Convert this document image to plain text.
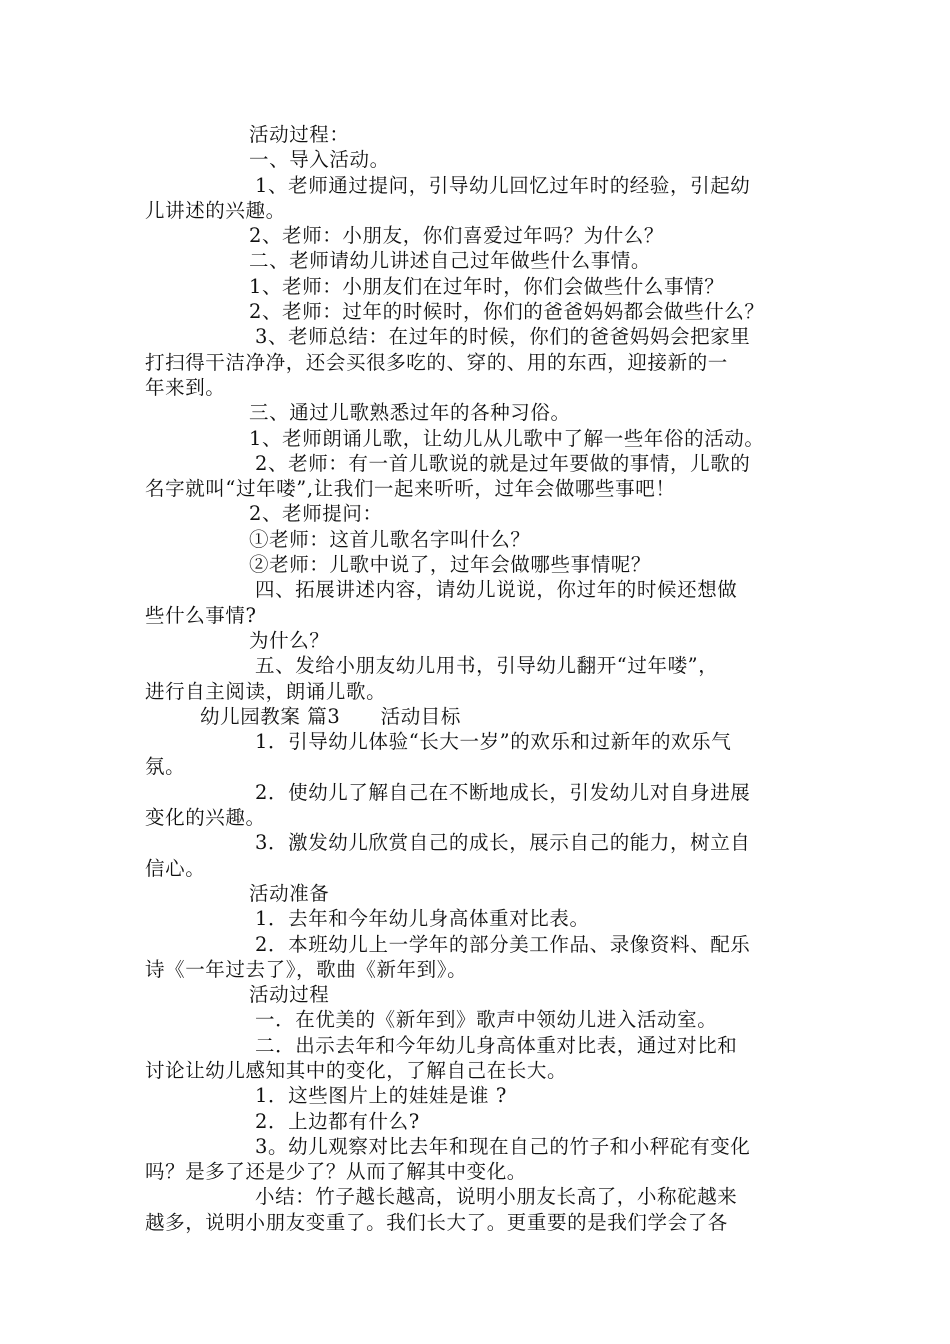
活动过程：
一、导入活动。
1、老师通过提问，引导幼儿回忆过年时的经验，引起幼
儿讲述的兴趣。
2、老师：小朋友，你们喜爱过年吗？为什么？
二、老师请幼儿讲述自己过年做些什么事情。
1、老师：小朋友们在过年时，你们会做些什么事情？
2、老师：过年的时候时，你们的爸爸妈妈都会做些什么？
3、老师总结：在过年的时候，你们的爸爸妈妈会把家里
打扫得干洁净净，还会买很多吃的、穿的、用的东西，迎接新的一
年来到。
三、通过儿歌熟悉过年的各种习俗。
1、老师朗诵儿歌，让幼儿从儿歌中了解一些年俗的活动。
2、老师：有一首儿歌说的就是过年要做的事情，儿歌的
名字就叫“过年喽”,让我们一起来听听，过年会做哪些事吧！
2、老师提问：
①老师：这首儿歌名字叫什么？
②老师：儿歌中说了，过年会做哪些事情呢？
四、拓展讲述内容，请幼儿说说，你过年的时候还想做
些什么事情?
为什么？
五、发给小朋友幼儿用书，引导幼儿翻开“过年喽”，
进行自主阅读，朗诵儿歌。
幼儿园教案 篇3　　活动目标
1．引导幼儿体验“长大一岁”的欢乐和过新年的欢乐气
氛。
2．使幼儿了解自己在不断地成长，引发幼儿对自身进展
变化的兴趣。
3．激发幼儿欣赏自己的成长，展示自己的能力，树立自
信心。
活动准备
1．去年和今年幼儿身高体重对比表。
2．本班幼儿上一学年的部分美工作品、录像资料、配乐
诗《一年过去了》，歌曲《新年到》。
活动过程
一．在优美的《新年到》歌声中领幼儿进入活动室。
二．出示去年和今年幼儿身高体重对比表，通过对比和
讨论让幼儿感知其中的变化，了解自己在长大。
1．这些图片上的娃娃是谁 ?
2．上边都有什么?
3。幼儿观察对比去年和现在自己的竹子和小秤砣有变化
吗？是多了还是少了？从而了解其中变化。
小结：竹子越长越高，说明小朋友长高了，小称砣越来
越多，说明小朋友变重了。我们长大了。更重要的是我们学会了各
